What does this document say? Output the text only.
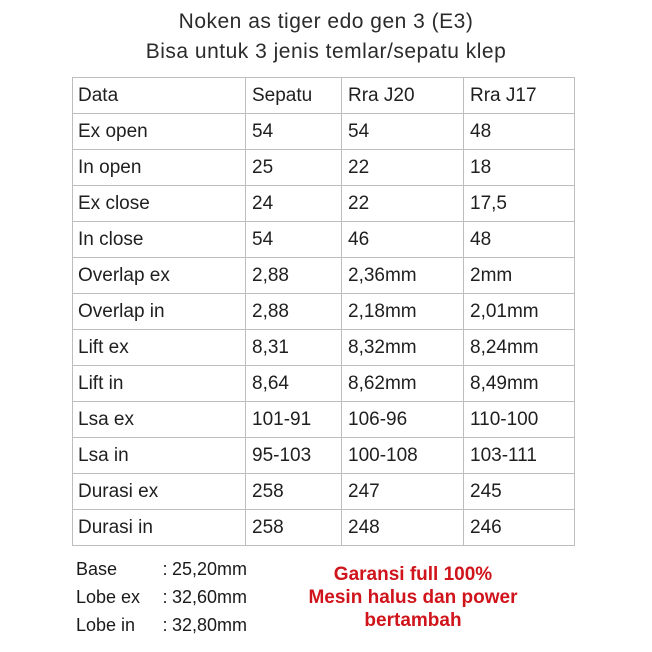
Noken as tiger edo gen 3 (E3)
Bisa untuk 3 jenis temlar/sepatu klep
Data	Sepatu	Rra J20	Rra J17
Ex open	54	54	48
In open	25	22	18
Ex close	24	22	17,5
In close	54	46	48
Overlap ex	2,88	2,36mm	2mm
Overlap in	2,88	2,18mm	2,01mm
Lift ex	8,31	8,32mm	8,24mm
Lift in	8,64	8,62mm	8,49mm
Lsa ex	101-91	106-96	110-100
Lsa in	95-103	100-108	103-111
Durasi ex	258	247	245
Durasi in	258	248	246
Base	: 25,20mm
Lobe ex	: 32,60mm
Lobe in	: 32,80mm
Garansi full 100%
Mesin halus dan power
bertambah
